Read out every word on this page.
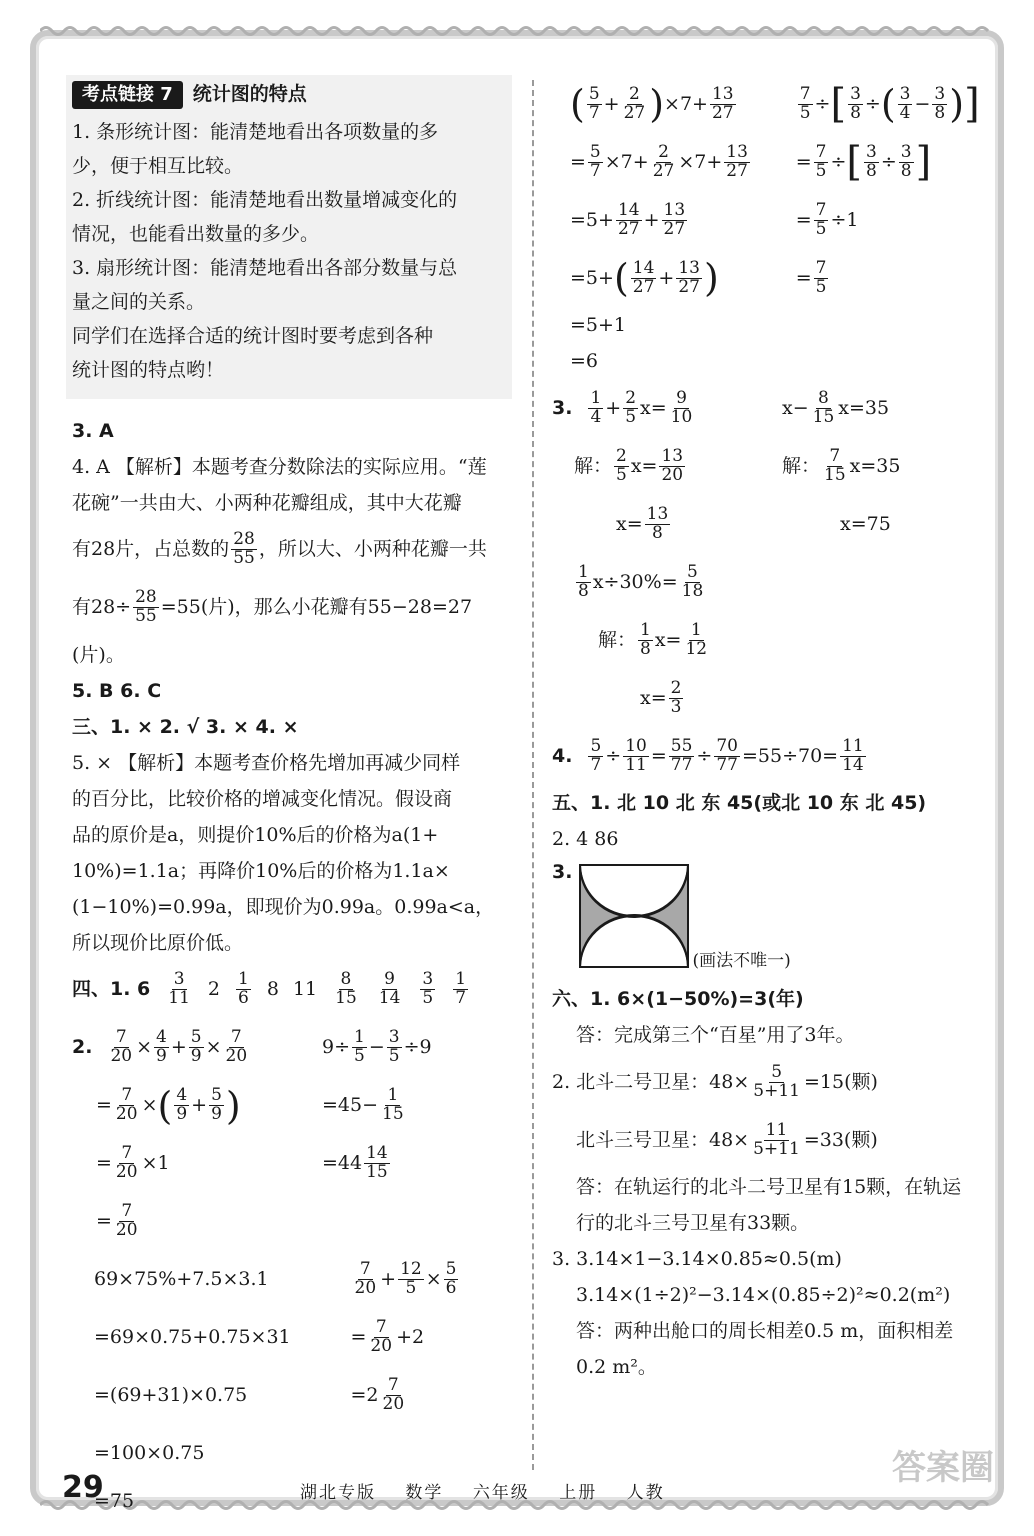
考点链接 7	统计图的特点
1. 条形统计图：能清楚地看出各项数量的多
少，便于相互比较。
2. 折线统计图：能清楚地看出数量增减变化的
情况，也能看出数量的多少。
3. 扇形统计图：能清楚地看出各部分数量与总
量之间的关系。
同学们在选择合适的统计图时要考虑到各种
统计图的特点哟！
3. A
4. A 【解析】本题考查分数除法的实际应用。“莲
花碗”一共由大、小两种花瓣组成，其中大花瓣
有28片，占总数的 $\frac{28}{55}$ ，所以大、小两种花瓣一共
有$28\div \frac{28}{55} =55$(片)，那么小花瓣有55−28=27
(片)。
5. B 6. C
三、1. × 2. √ 3. × 4. ×
5. × 【解析】本题考查价格先增加再减少同样
的百分比，比较价格的增减变化情况。假设商
品的原价是a，则提价10%后的价格为a(1+
10%)=1.1a；再降价10%后的价格为1.1a×
(1−10%)=0.99a，即现价为0.99a。0.99a<a，
所以现价比原价低。
四、1. $6 \frac{3}{11} 2 \frac{1}{6} 8$ $11 \frac{8}{15} \frac{9}{14} \frac{3}{5} \frac{1}{7}$
2. $\frac{7}{20} \times \frac{4}{9} + \frac{5}{9} \times \frac{7}{20}$
= $\frac{7}{20}$ × ( $\frac{4}{9} + \frac{5}{9}$ )
= $\frac{7}{20} \times 1$
= $\frac{7}{20}$
$9\div \frac{1}{5} - \frac{3}{5} \div 9$
$=45- \frac{1}{15}$
$=44 \frac{14}{15}$
69×75%+7.5×3.1
=69×0.75+0.75×31
=(69+31)×0.75
=100×0.75
=75
$\frac{7}{20} + \frac{12}{5} \times \frac{5}{6}$
= $\frac{7}{20} +2$
$=2 \frac{7}{20}$
( $\frac{5}{7} + \frac{2}{27}$ ) $\times 7+ \frac{13}{27}$
= $\frac{5}{7} \times 7+ \frac{2}{27} \times 7+ \frac{13}{27}$
$=5+ \frac{14}{27} + \frac{13}{27}$
=5+ ( $\frac{14}{27} + \frac{13}{27}$ )
=5+1
=6
$\frac{7}{5}$ ÷ [ $\frac{3}{8}$ ÷ ( $\frac{3}{4} - \frac{3}{8}$ ) ]
= $\frac{7}{5}$ ÷ [ $\frac{3}{8} \div \frac{3}{8}$ ]
= $\frac{7}{5} \div 1$
= $\frac{7}{5}$
3. $\frac{1}{4} + \frac{2}{5} x= \frac{9}{10}$
解： $\frac{2}{5} x= \frac{13}{20}$
$x= \frac{13}{8}$
$x- \frac{8}{15} x=35$
解： $\frac{7}{15} x=35$
x=75
$\frac{1}{8} x\div 30\%= \frac{5}{18}$
解： $\frac{1}{8} x= \frac{1}{12}$
$x= \frac{2}{3}$
4. $\frac{5}{7} \div \frac{10}{11} = \frac{55}{77} \div \frac{70}{77} =55\div 70= \frac{11}{14}$
五、1. 北 10 北 东 45(或北 10 东 北 45)
2. 4 86
3.
(画法不唯一)
六、1. 6×(1−50%)=3(年)
答：完成第三个“百星”用了3年。
2. 北斗二号卫星：$48\times \frac{5}{5+11} =15$(颗)
北斗三号卫星：$48\times \frac{11}{5+11} =33$(颗)
答：在轨运行的北斗二号卫星有15颗，在轨运
行的北斗三号卫星有33颗。
3. 3.14×1−3.14×0.85≈0.5(m)
3.14×(1÷2)²−3.14×(0.85÷2)²≈0.2(m²)
答：两种出舱口的周长相差0.5 m，面积相差
0.2 m²。
29	湖北专版 数学 六年级 上册 人教
答案圈
